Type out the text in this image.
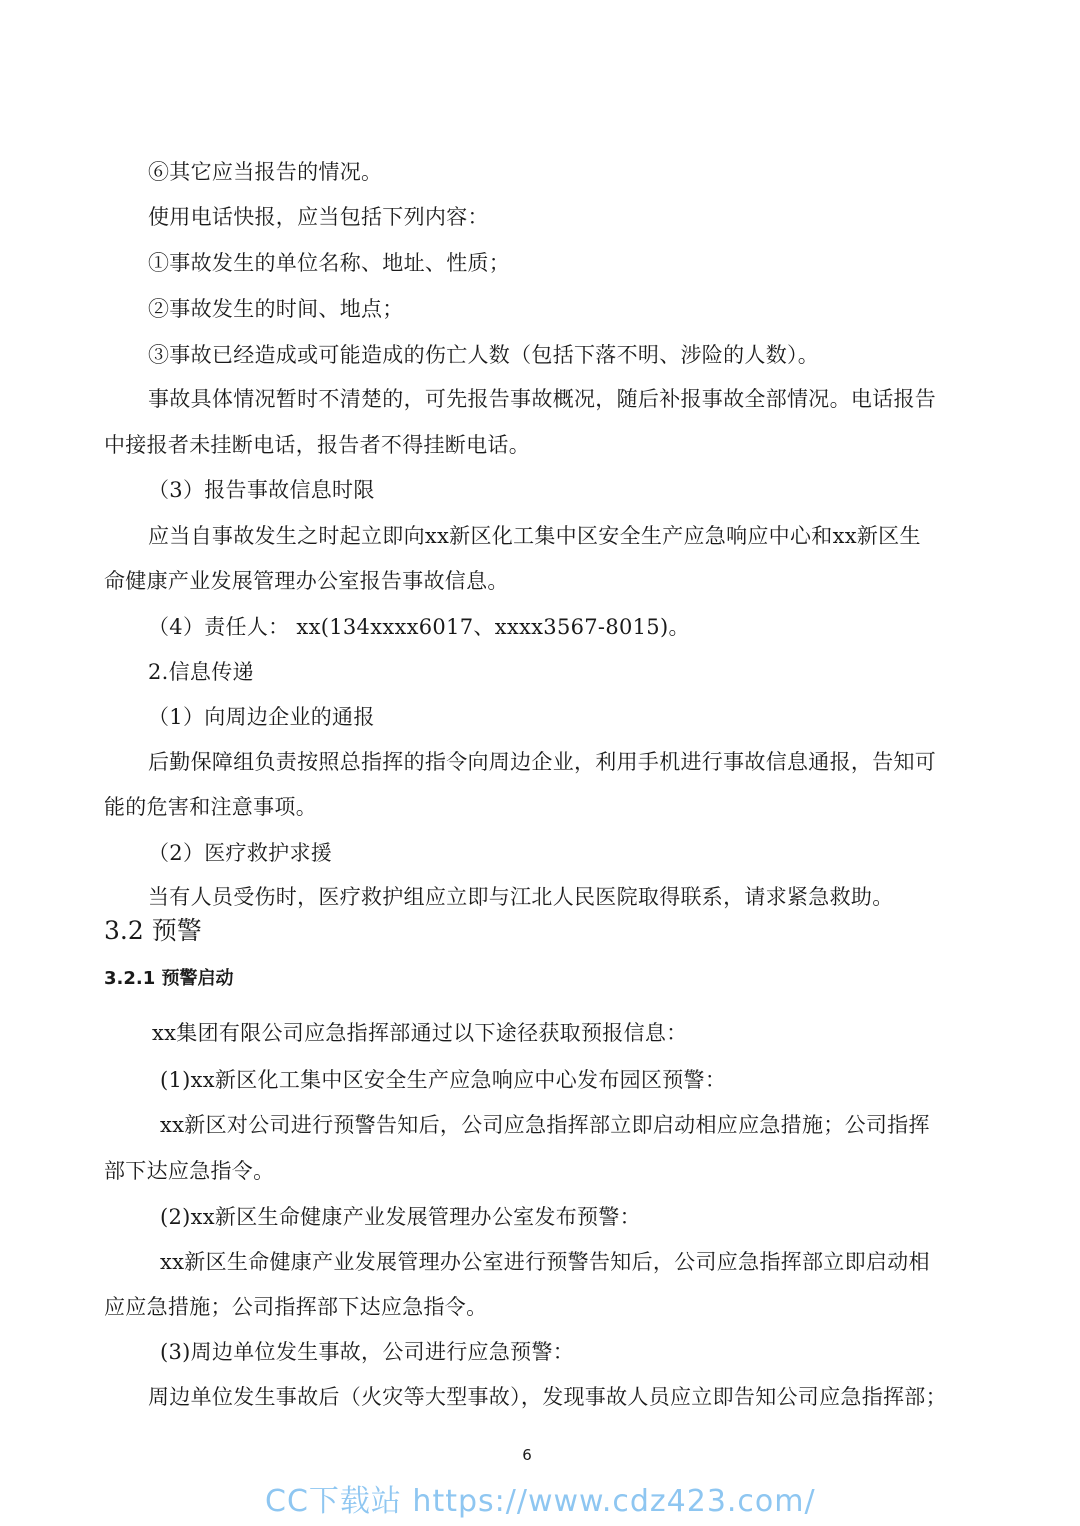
⑥其它应当报告的情况。
使用电话快报，应当包括下列内容：
①事故发生的单位名称、地址、性质；
②事故发生的时间、地点；
③事故已经造成或可能造成的伤亡人数（包括下落不明、涉险的人数）。
事故具体情况暂时不清楚的，可先报告事故概况，随后补报事故全部情况。电话报告
中接报者未挂断电话，报告者不得挂断电话。
（3）报告事故信息时限
应当自事故发生之时起立即向xx新区化工集中区安全生产应急响应中心和xx新区生
命健康产业发展管理办公室报告事故信息。
（4）责任人： xx(134xxxx6017、xxxx3567-8015)。
2.信息传递
（1）向周边企业的通报
后勤保障组负责按照总指挥的指令向周边企业，利用手机进行事故信息通报，告知可
能的危害和注意事项。
（2）医疗救护求援
当有人员受伤时，医疗救护组应立即与江北人民医院取得联系，请求紧急救助。
3.2 预警
3.2.1 预警启动
xx集团有限公司应急指挥部通过以下途径获取预报信息：
(1)xx新区化工集中区安全生产应急响应中心发布园区预警：
xx新区对公司进行预警告知后，公司应急指挥部立即启动相应应急措施；公司指挥
部下达应急指令。
(2)xx新区生命健康产业发展管理办公室发布预警：
xx新区生命健康产业发展管理办公室进行预警告知后，公司应急指挥部立即启动相
应应急措施；公司指挥部下达应急指令。
(3)周边单位发生事故，公司进行应急预警：
周边单位发生事故后（火灾等大型事故），发现事故人员应立即告知公司应急指挥部；
6
CC下载站 https://www.cdz423.com/
